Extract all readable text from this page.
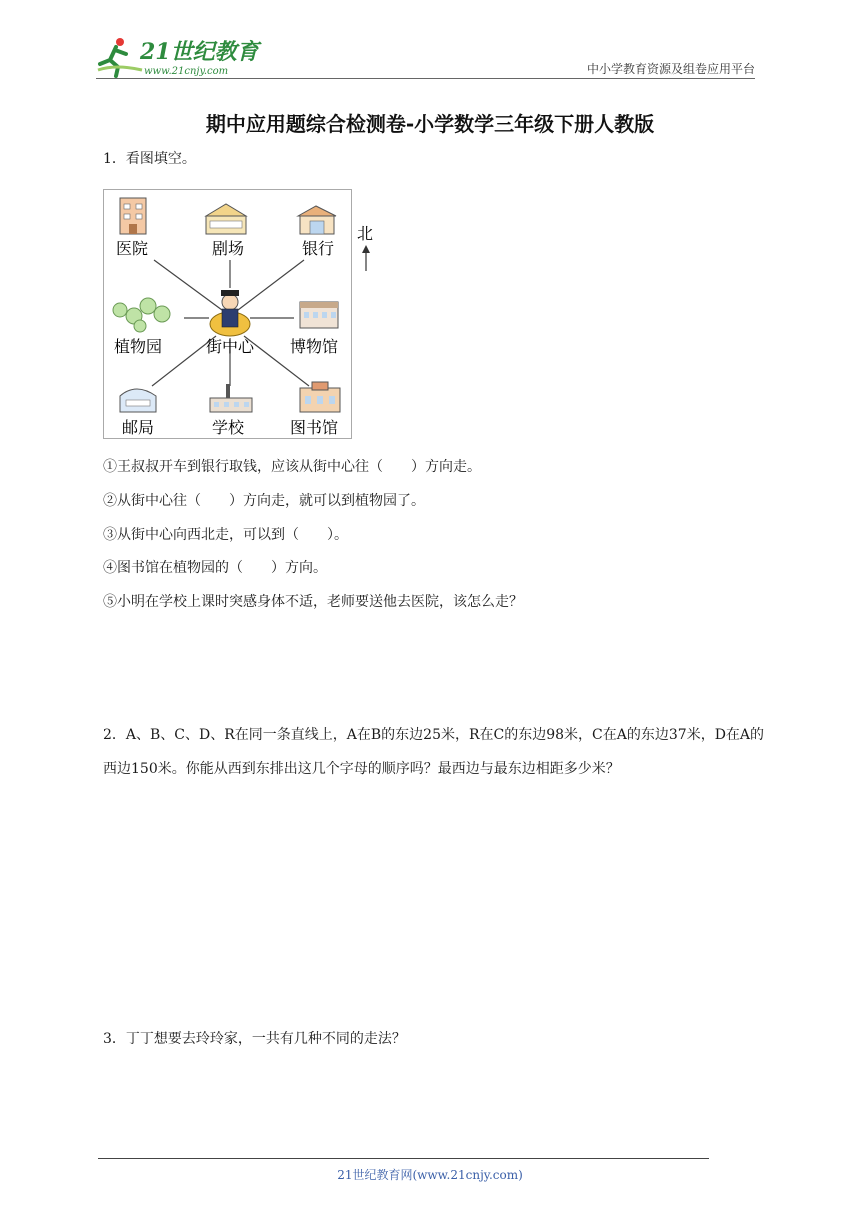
21世纪教育
www.21cnjy.com	中小学教育资源及组卷应用平台
期中应用题综合检测卷-小学数学三年级下册人教版
1．看图填空。
医院	剧场	银行
植物园	街中心 博物馆
邮局	学校	图书馆
北
①王叔叔开车到银行取钱，应该从街中心往（　　）方向走。
②从街中心往（　　）方向走，就可以到植物园了。
③从街中心向西北走，可以到（　　）。
④图书馆在植物园的（　　）方向。
⑤小明在学校上课时突感身体不适，老师要送他去医院，该怎么走？
2．A、B、C、D、R在同一条直线上，A在B的东边25米，R在C的东边98米，C在A的东边37米，D在A的西边150米。你能从西到东排出这几个字母的顺序吗？最西边与最东边相距多少米？
3．丁丁想要去玲玲家，一共有几种不同的走法？
21世纪教育网(www.21cnjy.com)
